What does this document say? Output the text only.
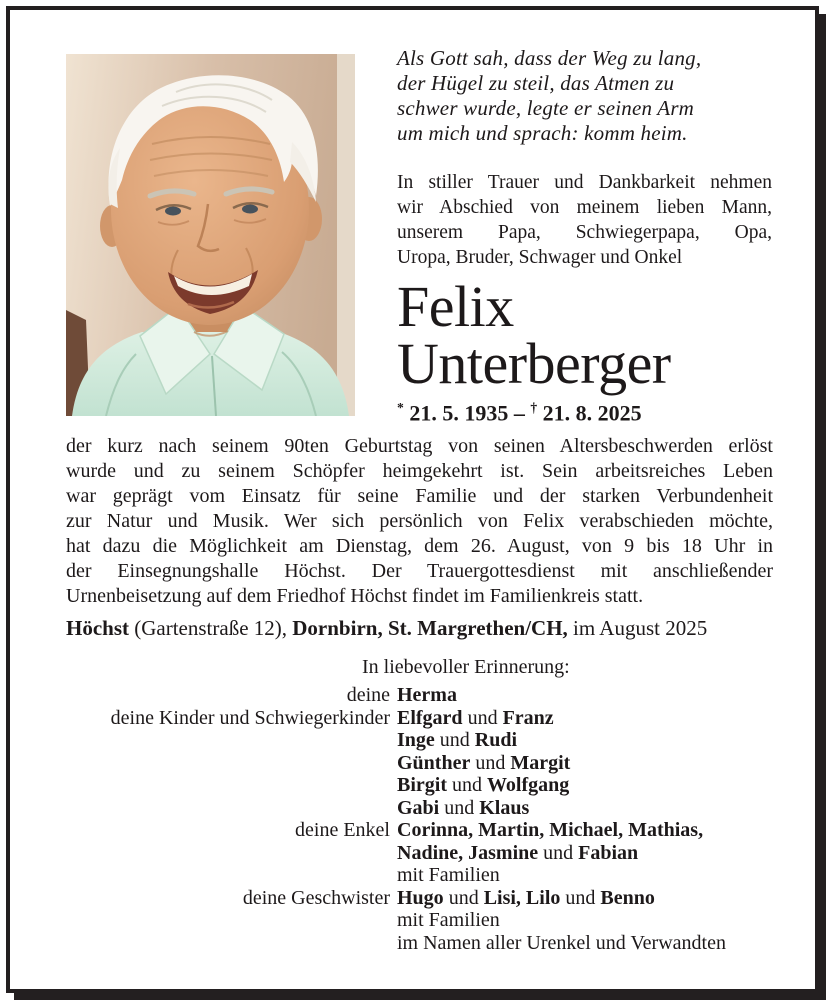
Als Gott sah, dass der Weg zu lang,
der Hügel zu steil, das Atmen zu
schwer wurde, legte er seinen Arm
um mich und sprach: komm heim.
In stiller Trauer und Dankbarkeit nehmen
wir Abschied von meinem lieben Mann,
unserem Papa, Schwiegerpapa, Opa,
Uropa, Bruder, Schwager und Onkel
Felix
Unterberger
* 21. 5. 1935 – † 21. 8. 2025
der kurz nach seinem 90ten Geburtstag von seinen Altersbeschwerden erlöst
wurde und zu seinem Schöpfer heimgekehrt ist. Sein arbeitsreiches Leben
war geprägt vom Einsatz für seine Familie und der starken Verbundenheit
zur Natur und Musik. Wer sich persönlich von Felix verabschieden möchte,
hat dazu die Möglichkeit am Dienstag, dem 26. August, von 9 bis 18 Uhr in
der Einsegnungshalle Höchst. Der Trauergottesdienst mit anschließender
Urnenbeisetzung auf dem Friedhof Höchst findet im Familienkreis statt.
Höchst (Gartenstraße 12), Dornbirn, St. Margrethen/CH, im August 2025
In liebevoller Erinnerung:
deine Herma
deine Kinder und Schwiegerkinder Elfgard und Franz
Inge und Rudi
Günther und Margit
Birgit und Wolfgang
Gabi und Klaus
deine Enkel Corinna, Martin, Michael, Mathias,
Nadine, Jasmine und Fabian
mit Familien
deine Geschwister Hugo und Lisi, Lilo und Benno
mit Familien
im Namen aller Urenkel und Verwandten
